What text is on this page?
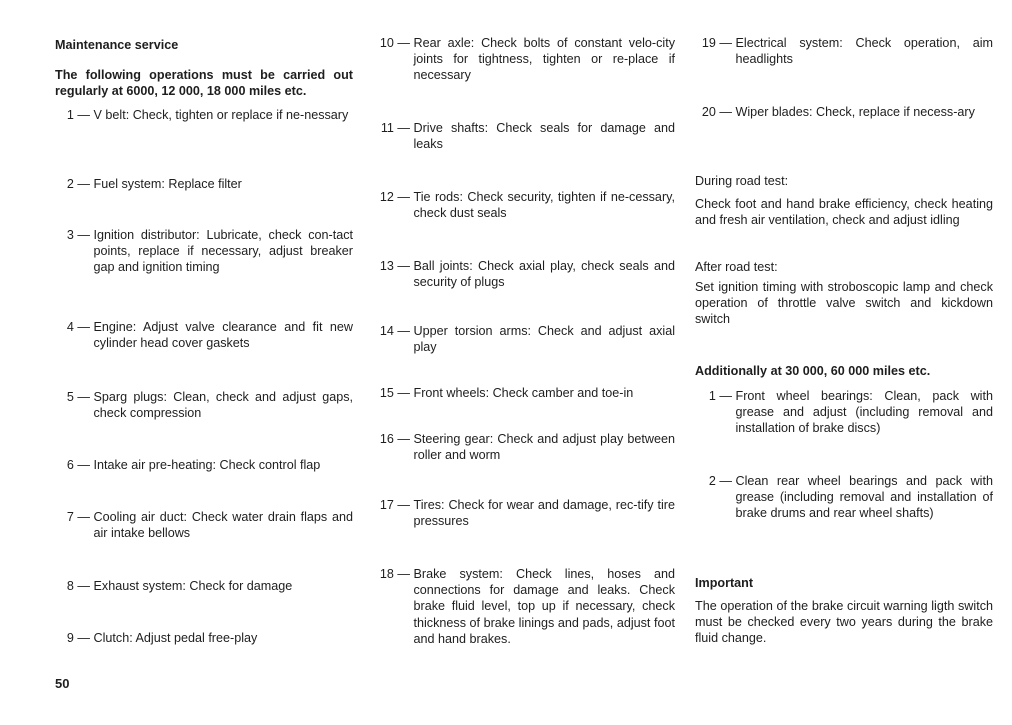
Maintenance service
The following operations must be carried out regularly at 6000, 12 000, 18 000 miles etc.
1 —
V belt: Check, tighten or replace if ne-nessary
2 —
Fuel system: Replace filter
3 —
Ignition distributor: Lubricate, check con-tact points, replace if necessary, adjust breaker gap and ignition timing
4 —
Engine: Adjust valve clearance and fit new cylinder head cover gaskets
5 —
Sparg plugs: Clean, check and adjust gaps, check compression
6 —
Intake air pre-heating: Check control flap
7 —
Cooling air duct: Check water drain flaps and air intake bellows
8 —
Exhaust system: Check for damage
9 —
Clutch: Adjust pedal free-play
10 —
Rear axle: Check bolts of constant velo-city joints for tightness, tighten or re-place if necessary
11 —
Drive shafts: Check seals for damage and leaks
12 —
Tie rods: Check security, tighten if ne-cessary, check dust seals
13 —
Ball joints: Check axial play, check seals and security of plugs
14 —
Upper torsion arms: Check and adjust axial play
15 —
Front wheels: Check camber and toe-in
16 —
Steering gear: Check and adjust play between roller and worm
17 —
Tires: Check for wear and damage, rec-tify tire pressures
18 —
Brake system: Check lines, hoses and connections for damage and leaks. Check brake fluid level, top up if necessary, check thickness of brake linings and pads, adjust foot and hand brakes.
19 —
Electrical system: Check operation, aim headlights
20 —
Wiper blades: Check, replace if necess-ary
During road test:
Check foot and hand brake efficiency, check heating and fresh air ventilation, check and adjust idling
After road test:
Set ignition timing with stroboscopic lamp and check operation of throttle valve switch and kickdown switch
Additionally at 30 000, 60 000 miles etc.
1 —
Front wheel bearings: Clean, pack with grease and adjust (including removal and installation of brake discs)
2 —
Clean rear wheel bearings and pack with grease (including removal and installation of brake drums and rear wheel shafts)
Important
The operation of the brake circuit warning ligth switch must be checked every two years during the brake fluid change.
50
